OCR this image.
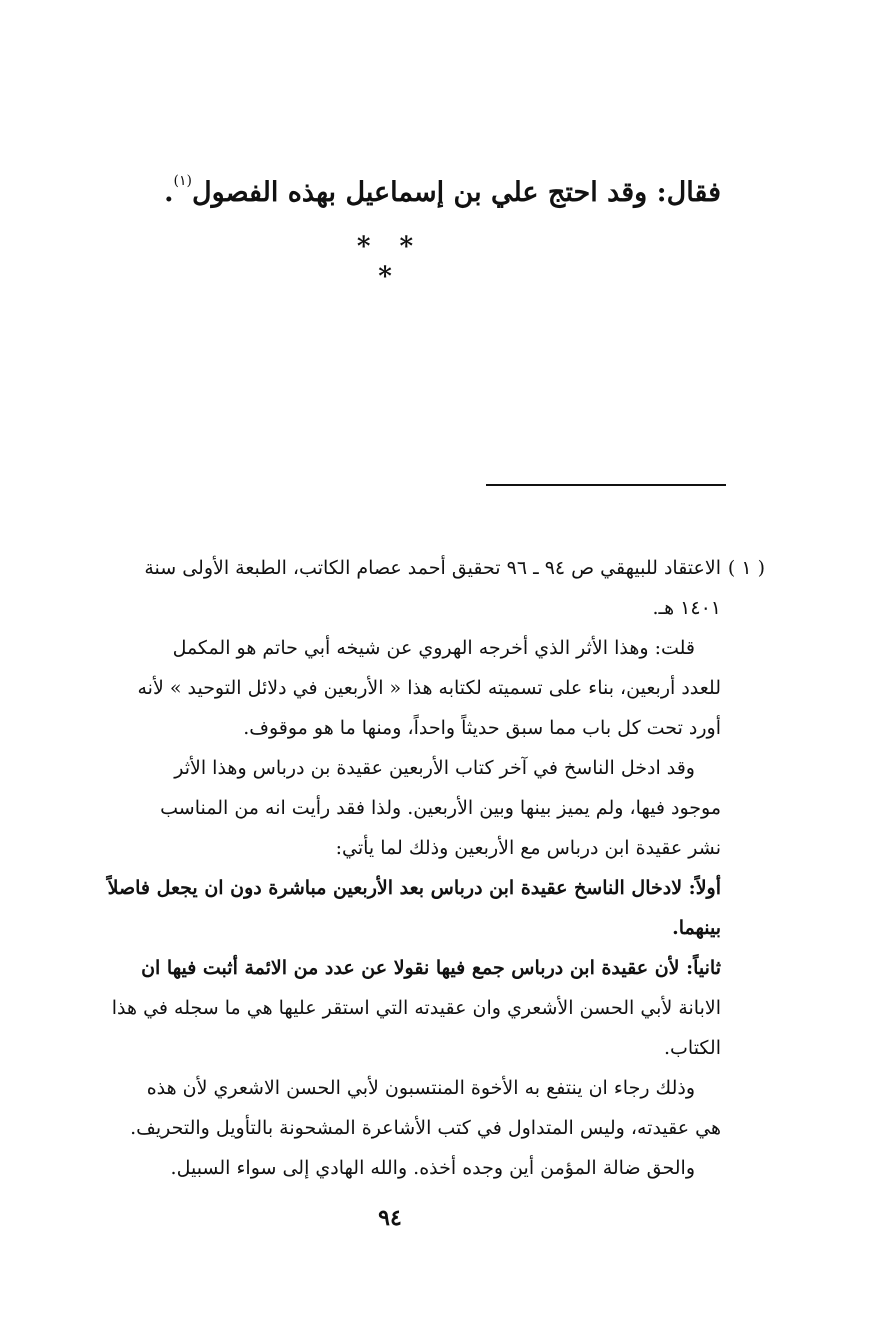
فقال: وقد احتج علي بن إسماعيل بهذه الفصول$^{(١)}$.
* * *
( ١ )
الاعتقاد للبيهقي ص ٩٤ ـ ٩٦ تحقيق أحمد عصام الكاتب، الطبعة الأولى سنة
١٤٠١ هـ.
قلت: وهذا الأثر الذي أخرجه الهروي عن شيخه أبي حاتم هو المكمل
للعدد أربعين، بناء على تسميته لكتابه هذا « الأربعين في دلائل التوحيد » لأنه
أورد تحت كل باب مما سبق حديثاً واحداً، ومنها ما هو موقوف.
وقد ادخل الناسخ في آخر كتاب الأربعين عقيدة بن درباس وهذا الأثر
موجود فيها، ولم يميز بينها وبين الأربعين. ولذا فقد رأيت انه من المناسب
نشر عقيدة ابن درباس مع الأربعين وذلك لما يأتي:
أولاً: لادخال الناسخ عقيدة ابن درباس بعد الأربعين مباشرة دون ان يجعل فاصلاً
بينهما.
ثانياً: لأن عقيدة ابن درباس جمع فيها نقولا عن عدد من الائمة أثبت فيها ان
الابانة لأبي الحسن الأشعري وان عقيدته التي استقر عليها هي ما سجله في هذا
الكتاب.
وذلك رجاء ان ينتفع به الأخوة المنتسبون لأبي الحسن الاشعري لأن هذه
هي عقيدته، وليس المتداول في كتب الأشاعرة المشحونة بالتأويل والتحريف.
والحق ضالة المؤمن أين وجده أخذه. والله الهادي إلى سواء السبيل.
٩٤
